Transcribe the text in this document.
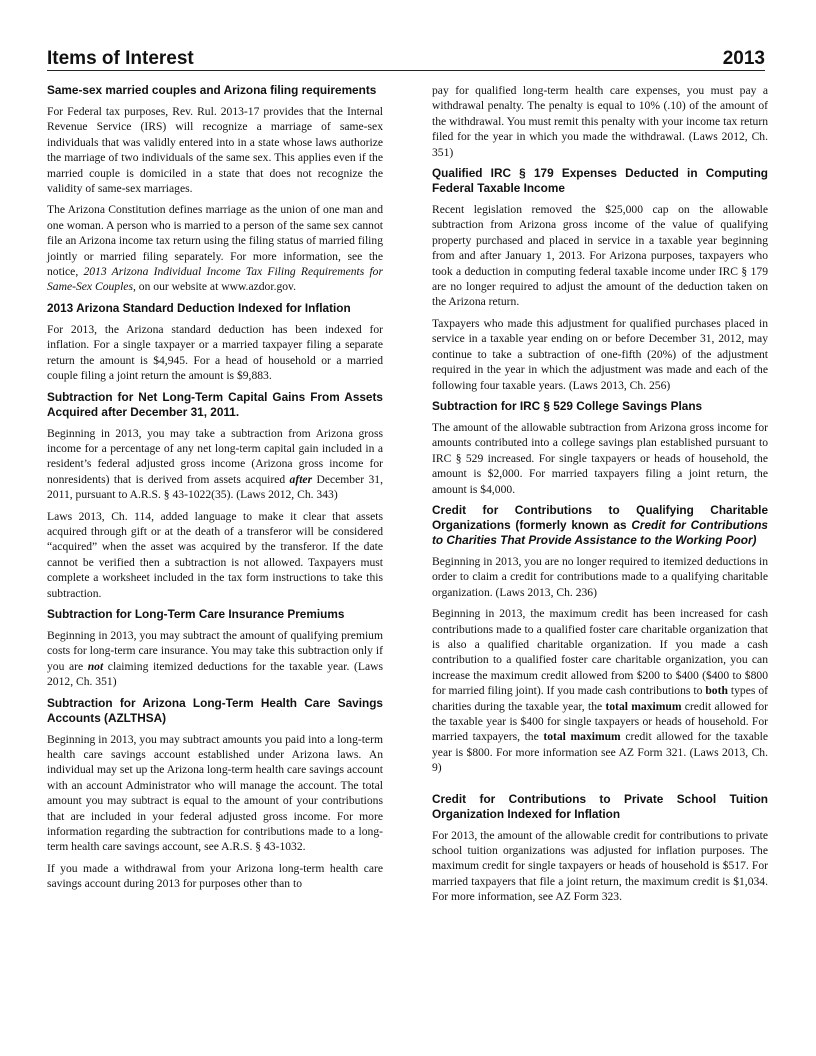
Items of Interest	2013
Same-sex married couples and Arizona filing requirements

For Federal tax purposes, Rev. Rul. 2013-17 provides that the Internal Revenue Service (IRS) will recognize a marriage of same-sex individuals that was validly entered into in a state whose laws authorize the marriage of two individuals of the same sex. This applies even if the married couple is domiciled in a state that does not recognize the validity of same-sex marriages.

The Arizona Constitution defines marriage as the union of one man and one woman. A person who is married to a person of the same sex cannot file an Arizona income tax return using the filing status of married filing jointly or married filing separately. For more information, see the notice, 2013 Arizona Individual Income Tax Filing Requirements for Same-Sex Couples, on our website at www.azdor.gov.

2013 Arizona Standard Deduction Indexed for Inflation

For 2013, the Arizona standard deduction has been indexed for inflation. For a single taxpayer or a married taxpayer filing a separate return the amount is $4,945. For a head of household or a married couple filing a joint return the amount is $9,883.

Subtraction for Net Long-Term Capital Gains From Assets Acquired after December 31, 2011.

Beginning in 2013, you may take a subtraction from Arizona gross income for a percentage of any net long-term capital gain included in a resident’s federal adjusted gross income (Arizona gross income for nonresidents) that is derived from assets acquired after December 31, 2011, pursuant to A.R.S. § 43-1022(35). (Laws 2012, Ch. 343)

Laws 2013, Ch. 114, added language to make it clear that assets acquired through gift or at the death of a transferor will be considered “acquired” when the asset was acquired by the transferor. If the date cannot be verified then a subtraction is not allowed. Taxpayers must complete a worksheet included in the tax form instructions to take this subtraction.

Subtraction for Long-Term Care Insurance Premiums

Beginning in 2013, you may subtract the amount of qualifying premium costs for long-term care insurance. You may take this subtraction only if you are not claiming itemized deductions for the taxable year. (Laws 2012, Ch. 351)

Subtraction for Arizona Long-Term Health Care Savings Accounts (AZLTHSA)

Beginning in 2013, you may subtract amounts you paid into a long-term health care savings account established under Arizona laws. An individual may set up the Arizona long-term health care savings account with an account Administrator who will manage the account. The total amount you may subtract is equal to the amount of your contributions that are included in your federal adjusted gross income. For more information regarding the subtraction for contributions made to a long-term health care savings account, see A.R.S. § 43-1032.

If you made a withdrawal from your Arizona long-term health care savings account during 2013 for purposes other than to

pay for qualified long-term health care expenses, you must pay a withdrawal penalty. The penalty is equal to 10% (.10) of the amount of the withdrawal. You must remit this penalty with your income tax return filed for the year in which you made the withdrawal. (Laws 2012, Ch. 351)

Qualified IRC § 179 Expenses Deducted in Computing Federal Taxable Income

Recent legislation removed the $25,000 cap on the allowable subtraction from Arizona gross income of the value of qualifying property purchased and placed in service in a taxable year beginning from and after January 1, 2013. For Arizona purposes, taxpayers who took a deduction in computing federal taxable income under IRC § 179 are no longer required to adjust the amount of the deduction taken on the Arizona return.

Taxpayers who made this adjustment for qualified purchases placed in service in a taxable year ending on or before December 31, 2012, may continue to take a subtraction of one-fifth (20%) of the adjustment required in the year in which the adjustment was made and each of the following four taxable years. (Laws 2013, Ch. 256)

Subtraction for IRC § 529 College Savings Plans

The amount of the allowable subtraction from Arizona gross income for amounts contributed into a college savings plan established pursuant to IRC § 529 increased. For single taxpayers or heads of household, the amount is $2,000. For married taxpayers filing a joint return, the amount is $4,000.

Credit for Contributions to Qualifying Charitable Organizations (formerly known as Credit for Contributions to Charities That Provide Assistance to the Working Poor)

Beginning in 2013, you are no longer required to itemized deductions in order to claim a credit for contributions made to a qualifying charitable organization. (Laws 2013, Ch. 236)

Beginning in 2013, the maximum credit has been increased for cash contributions made to a qualified foster care charitable organization that is also a qualified charitable organization. If you made a cash contribution to a qualified foster care charitable organization, you can increase the maximum credit allowed from $200 to $400 ($400 to $800 for married filing joint). If you made cash contributions to both types of charities during the taxable year, the total maximum credit allowed for the taxable year is $400 for single taxpayers or heads of household. For married taxpayers, the total maximum credit allowed for the taxable year is $800. For more information see AZ Form 321. (Laws 2013, Ch. 9)

Credit for Contributions to Private School Tuition Organization Indexed for Inflation

For 2013, the amount of the allowable credit for contributions to private school tuition organizations was adjusted for inflation purposes. The maximum credit for single taxpayers or heads of household is $517. For married taxpayers that file a joint return, the maximum credit is $1,034. For more information, see AZ Form 323.
